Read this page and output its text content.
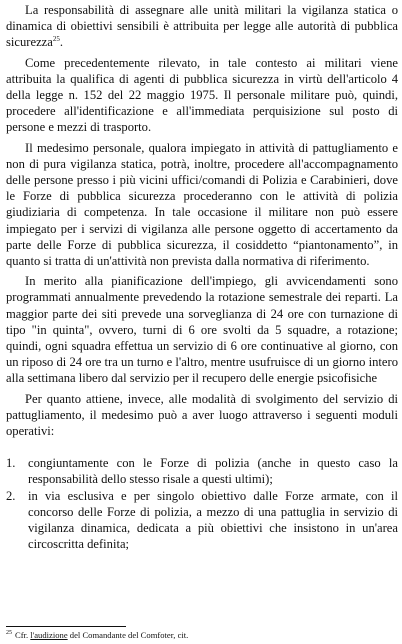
La responsabilità di assegnare alle unità militari la vigilanza statica o dinamica di obiettivi sensibili è attribuita per legge alle autorità di pubblica sicurezza$^{25}$.

Come precedentemente rilevato, in tale contesto ai militari viene attribuita la qualifica di agenti di pubblica sicurezza in virtù dell'articolo 4 della legge n. 152 del 22 maggio 1975. Il personale militare può, quindi, procedere all'identificazione e all'immediata perquisizione sul posto di persone e mezzi di trasporto.

Il medesimo personale, qualora impiegato in attività di pattugliamento e non di pura vigilanza statica, potrà, inoltre, procedere all'accompagnamento delle persone presso i più vicini uffici/comandi di Polizia e Carabinieri, dove le Forze di pubblica sicurezza procederanno con le attività di polizia giudiziaria di competenza. In tale occasione il militare non può essere impiegato per i servizi di vigilanza alle persone oggetto di accertamento da parte delle Forze di pubblica sicurezza, il cosiddetto “piantonamento”, in quanto si tratta di un'attività non prevista dalla normativa di riferimento.

In merito alla pianificazione dell'impiego, gli avvicendamenti sono programmati annualmente prevedendo la rotazione semestrale dei reparti. La maggior parte dei siti prevede una sorveglianza di 24 ore con turnazione di tipo "in quinta", ovvero, turni di 6 ore svolti da 5 squadre, a rotazione; quindi, ogni squadra effettua un servizio di 6 ore continuative al giorno, con un riposo di 24 ore tra un turno e l'altro, mentre usufruisce di un giorno intero alla settimana libero dal servizio per il recupero delle energie psicofisiche

Per quanto attiene, invece, alle modalità di svolgimento del servizio di pattugliamento, il medesimo può a aver luogo attraverso i seguenti moduli operativi:

1. congiuntamente con le Forze di polizia (anche in questo caso la responsabilità dello stesso risale a questi ultimi);
2. in via esclusiva e per singolo obiettivo dalle Forze armate, con il concorso delle Forze di polizia, a mezzo di una pattuglia in servizio di vigilanza dinamica, dedicata a più obiettivi che insistono in un'area circoscritta definita;
$^{25}$ Cfr. l'audizione del Comandante del Comfoter, cit.
